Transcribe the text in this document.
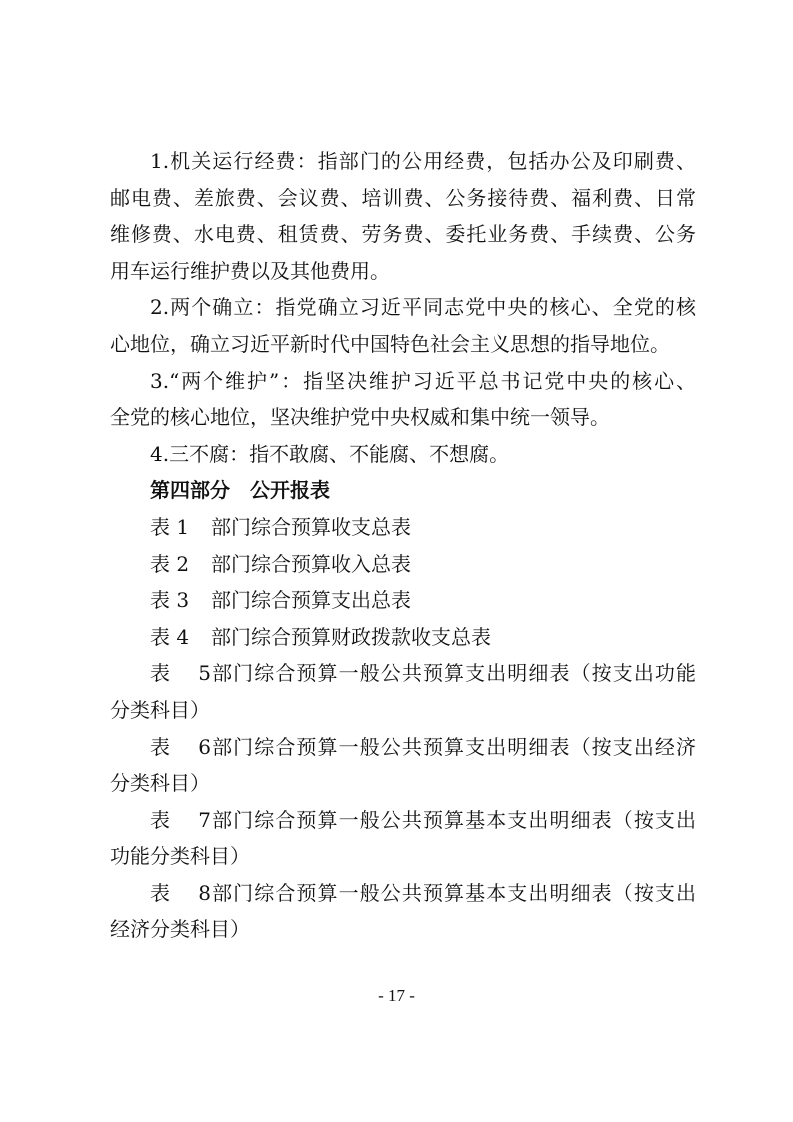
1.机关运行经费：指部门的公用经费，包括办公及印刷费、
邮电费、差旅费、会议费、培训费、公务接待费、福利费、日常
维修费、水电费、租赁费、劳务费、委托业务费、手续费、公务
用车运行维护费以及其他费用。
2.两个确立：指党确立习近平同志党中央的核心、全党的核
心地位，确立习近平新时代中国特色社会主义思想的指导地位。
3.“两个维护”：指坚决维护习近平总书记党中央的核心、
全党的核心地位，坚决维护党中央权威和集中统一领导。
4.三不腐：指不敢腐、不能腐、不想腐。
第四部分　公开报表
表 1 部门综合预算收支总表
表 2 部门综合预算收入总表
表 3 部门综合预算支出总表
表 4 部门综合预算财政拨款收支总表
表 5部门综合预算一般公共预算支出明细表（按支出功能
分类科目）
表 6部门综合预算一般公共预算支出明细表（按支出经济
分类科目）
表 7部门综合预算一般公共预算基本支出明细表（按支出
功能分类科目）
表 8部门综合预算一般公共预算基本支出明细表（按支出
经济分类科目）
- 17 -
